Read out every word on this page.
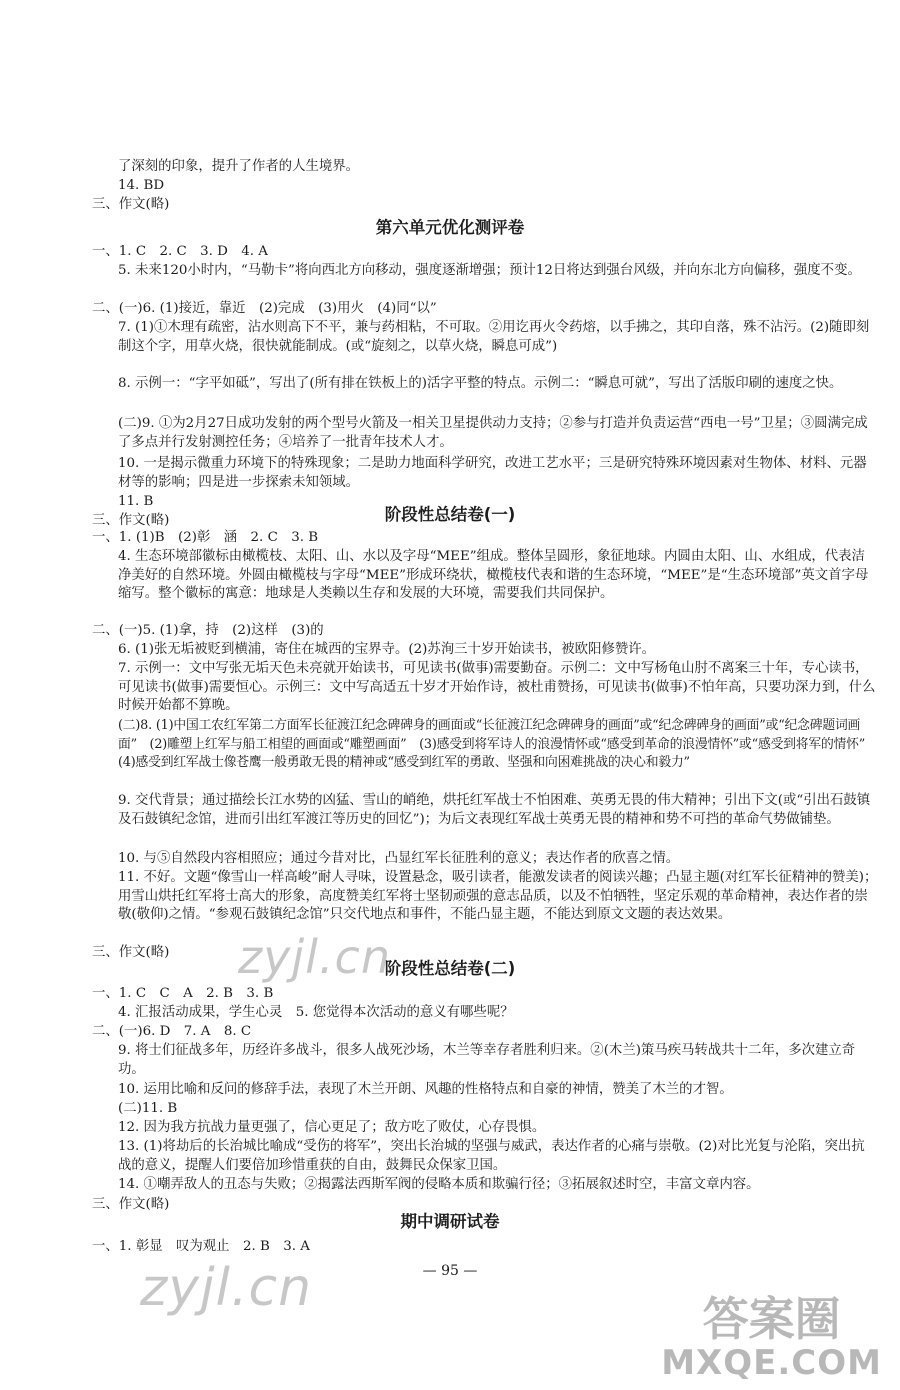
了深刻的印象，提升了作者的人生境界。
14. BD
三、作文(略)
第六单元优化测评卷
一、1. C　2. C　3. D　4. A
5. 未来120小时内，“马勒卡”将向西北方向移动，强度逐渐增强；预计12日将达到强台风级，并向东北方向偏移，强度不变。
二、(一)6. (1)接近，靠近　(2)完成　(3)用火　(4)同“以”
7. (1)①木理有疏密，沾水则高下不平，兼与药相粘，不可取。②用讫再火令药熔，以手拂之，其印自落，殊不沾污。(2)随即刻制这个字，用草火烧，很快就能制成。(或“旋刻之，以草火烧，瞬息可成”)
8. 示例一：“字平如砥”，写出了(所有排在铁板上的)活字平整的特点。示例二：“瞬息可就”，写出了活版印刷的速度之快。
(二)9. ①为2月27日成功发射的两个型号火箭及一相关卫星提供动力支持；②参与打造并负责运营“西电一号”卫星；③圆满完成了多点并行发射测控任务；④培养了一批青年技术人才。
10. 一是揭示微重力环境下的特殊现象；二是助力地面科学研究，改进工艺水平；三是研究特殊环境因素对生物体、材料、元器材等的影响；四是进一步探索未知领域。
11. B
三、作文(略)	阶段性总结卷(一)
一、1. (1)B　(2)彰　涵　2. C　3. B
4. 生态环境部徽标由橄榄枝、太阳、山、水以及字母“MEE”组成。整体呈圆形，象征地球。内圆由太阳、山、水组成，代表洁净美好的自然环境。外圆由橄榄枝与字母“MEE”形成环绕状，橄榄枝代表和谐的生态环境，“MEE”是“生态环境部”英文首字母缩写。整个徽标的寓意：地球是人类赖以生存和发展的大环境，需要我们共同保护。
二、(一)5. (1)拿，持　(2)这样　(3)的
6. (1)张无垢被贬到横浦，寄住在城西的宝界寺。(2)苏洵三十岁开始读书，被欧阳修赞许。
7. 示例一：文中写张无垢天色未亮就开始读书，可见读书(做事)需要勤奋。示例二：文中写杨龟山肘不离案三十年，专心读书，可见读书(做事)需要恒心。示例三：文中写高适五十岁才开始作诗，被杜甫赞扬，可见读书(做事)不怕年高，只要功深力到，什么时候开始都不算晚。
(二)8. (1)中国工农红军第二方面军长征渡江纪念碑碑身的画面或“长征渡江纪念碑碑身的画面”或“纪念碑碑身的画面”或“纪念碑题词画面”　(2)雕塑上红军与船工相望的画面或“雕塑画面”　(3)感受到将军诗人的浪漫情怀或“感受到革命的浪漫情怀”或“感受到将军的情怀”　(4)感受到红军战士像苍鹰一般勇敢无畏的精神或“感受到红军的勇敢、坚强和向困难挑战的决心和毅力”
9. 交代背景；通过描绘长江水势的凶猛、雪山的峭绝，烘托红军战士不怕困难、英勇无畏的伟大精神；引出下文(或“引出石鼓镇及石鼓镇纪念馆，进而引出红军渡江等历史的回忆”)；为后文表现红军战士英勇无畏的精神和势不可挡的革命气势做铺垫。
10. 与⑤自然段内容相照应；通过今昔对比，凸显红军长征胜利的意义；表达作者的欣喜之情。
11. 不好。文题“像雪山一样高峻”耐人寻味，设置悬念，吸引读者，能激发读者的阅读兴趣；凸显主题(对红军长征精神的赞美)；用雪山烘托红军将士高大的形象，高度赞美红军将士坚韧顽强的意志品质，以及不怕牺牲，坚定乐观的革命精神，表达作者的崇敬(敬仰)之情。“参观石鼓镇纪念馆”只交代地点和事件，不能凸显主题，不能达到原文文题的表达效果。
三、作文(略)
阶段性总结卷(二)
一、1. C　C　A　2. B　3. B
4. 汇报活动成果，学生心灵　5. 您觉得本次活动的意义有哪些呢？
二、(一)6. D　7. A　8. C
9. 将士们征战多年，历经许多战斗，很多人战死沙场，木兰等幸存者胜利归来。②(木兰)策马疾马转战共十二年，多次建立奇功。
10. 运用比喻和反问的修辞手法，表现了木兰开朗、风趣的性格特点和自豪的神情，赞美了木兰的才智。
(二)11. B
12. 因为我方抗战力量更强了，信心更足了；敌方吃了败仗，心存畏惧。
13. (1)将劫后的长治城比喻成“受伤的将军”，突出长治城的坚强与威武，表达作者的心痛与崇敬。(2)对比光复与沦陷，突出抗战的意义，提醒人们要倍加珍惜重获的自由，鼓舞民众保家卫国。
14. ①嘲弄敌人的丑态与失败；②揭露法西斯军阀的侵略本质和欺骗行径；③拓展叙述时空，丰富文章内容。
三、作文(略)
期中调研试卷
一、1. 彰显　叹为观止　2. B　3. A
— 95 —
zyjl.cn
zyjl.cn
答案圈
MXQE.COM
